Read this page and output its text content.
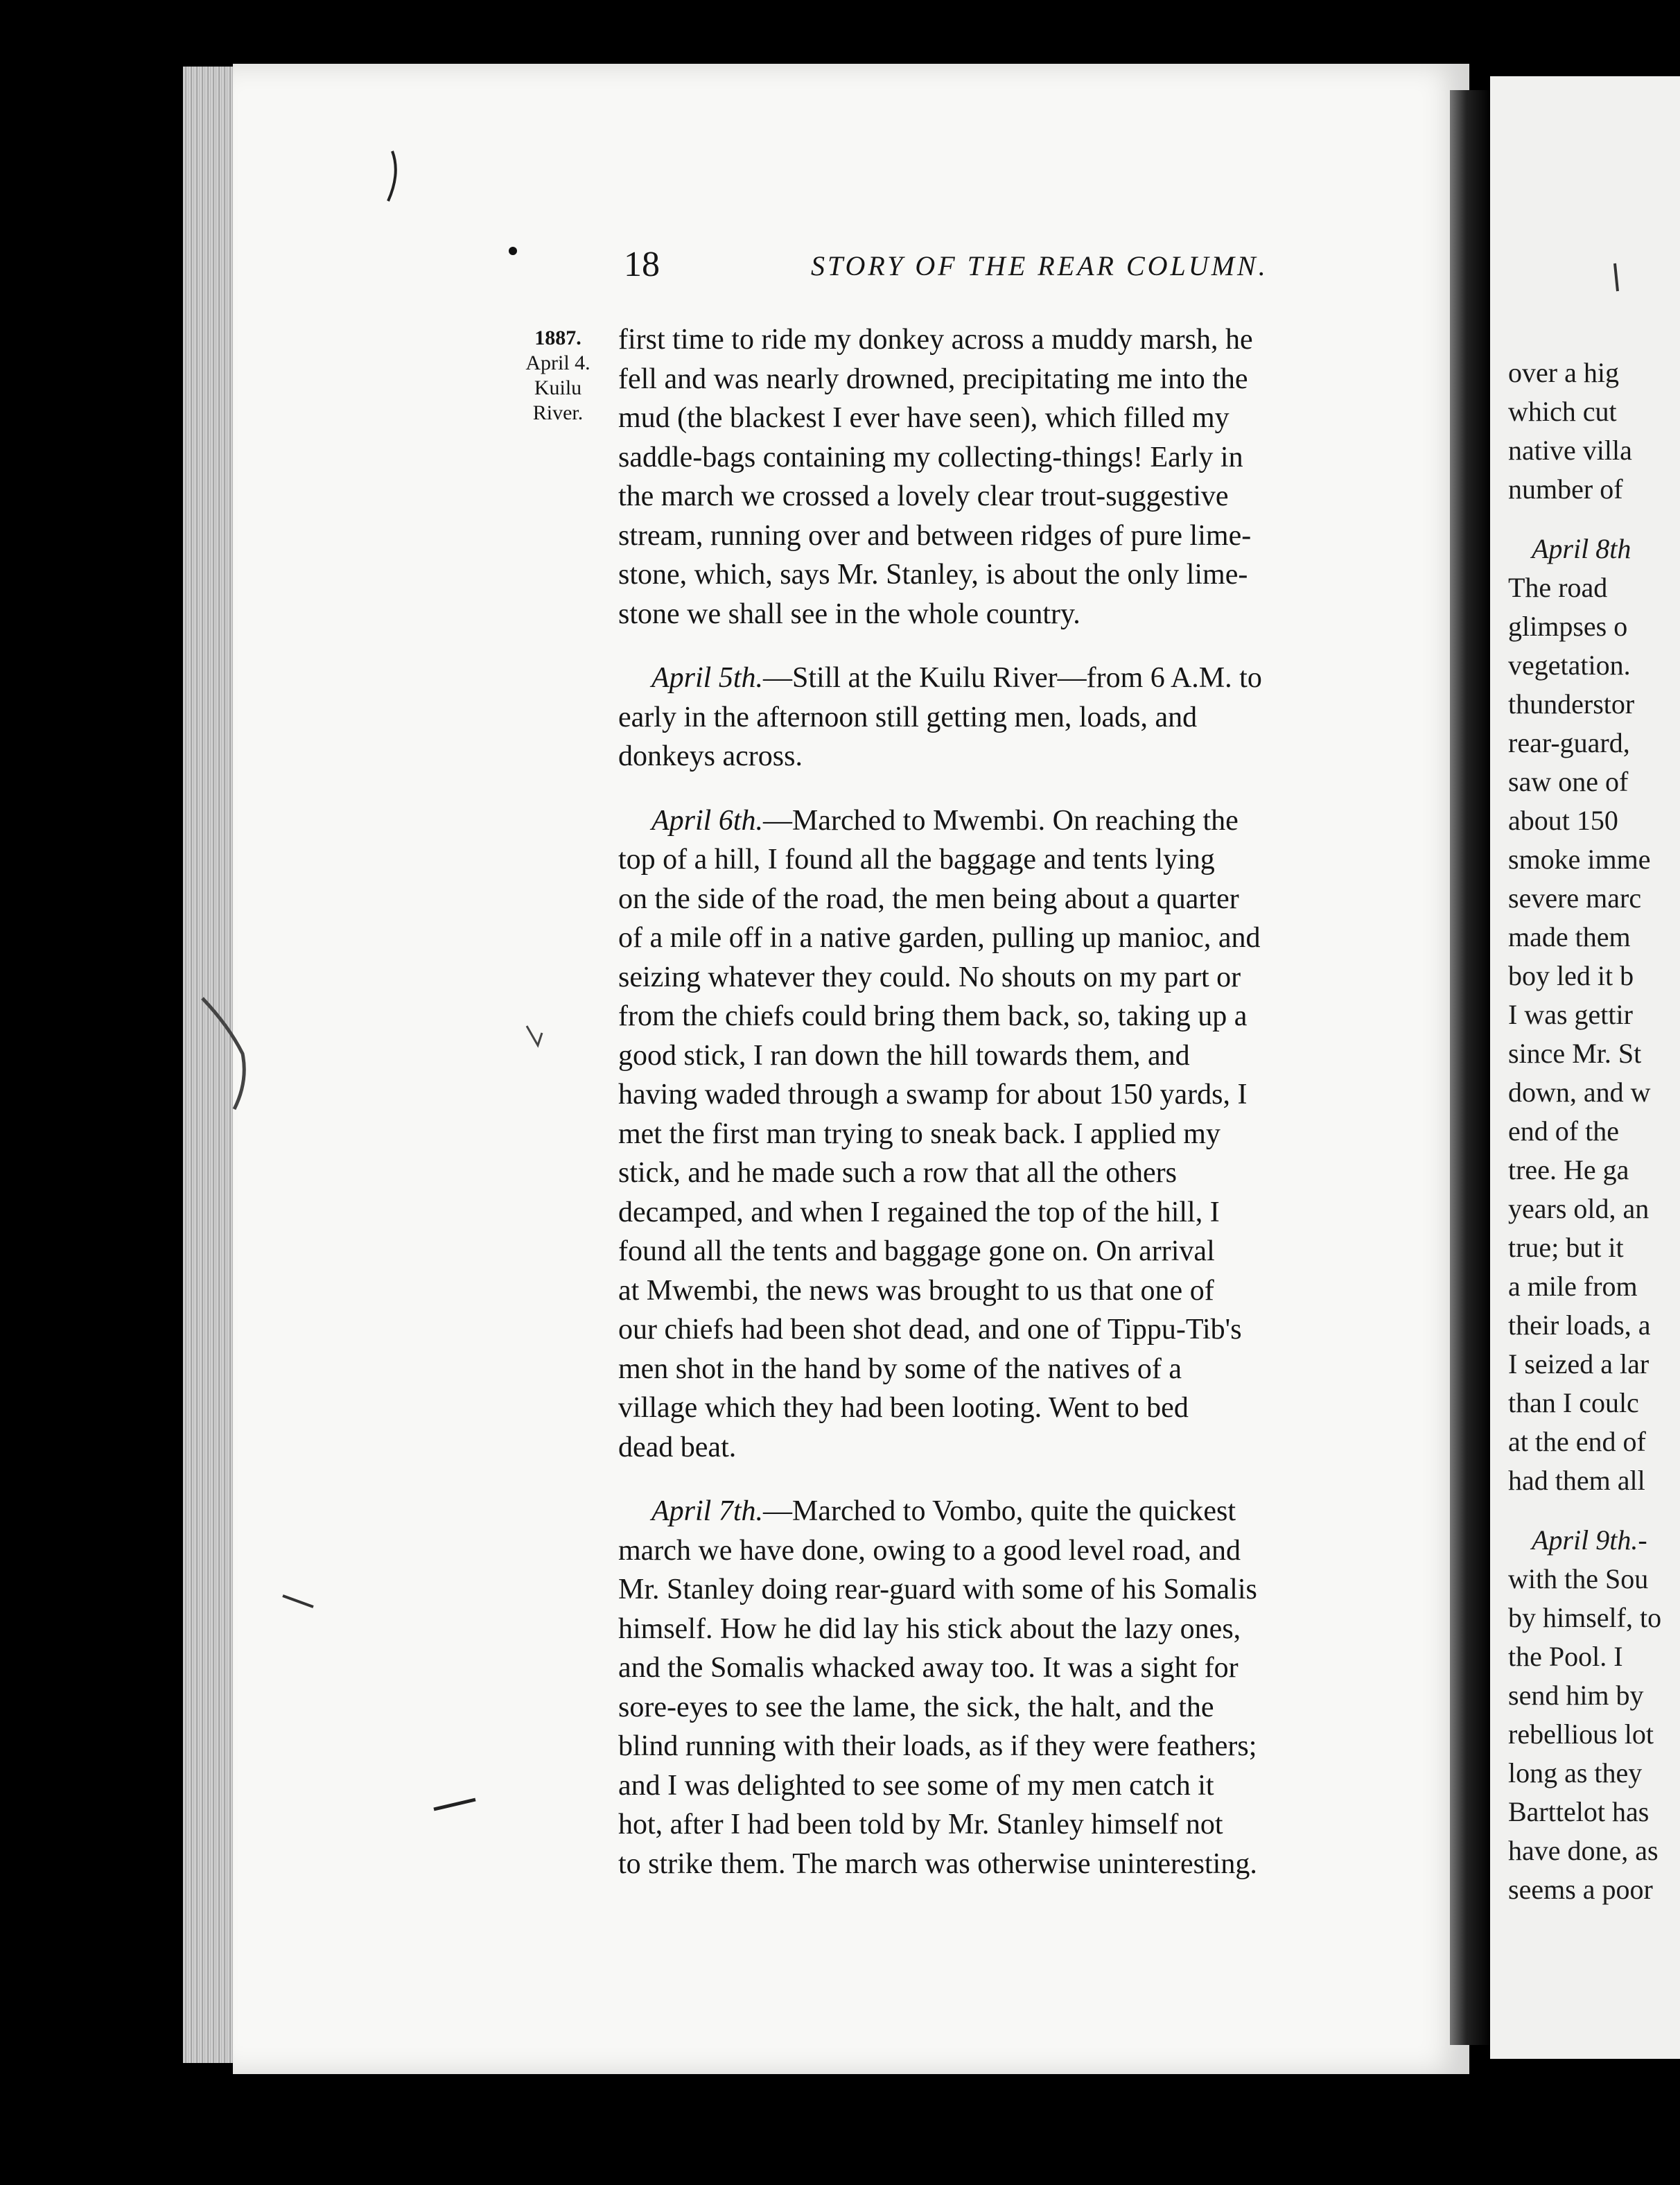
over a hig
which cut
native villa
number of
April 8th
The road
glimpses o
vegetation.
thunderstor
rear-guard,
saw one of
about 150
smoke imme
severe marc
made them
boy led it b
I was gettir
since Mr. St
down, and w
end of the
tree. He ga
years old, an
true; but it
a mile from
their loads, a
I seized a lar
than I coulc
at the end of
had them all
April 9th.-
with the Sou
by himself, to
the Pool. I
send him by
rebellious lot
long as they
Barttelot has
have done, as
seems a poor
18	STORY OF THE REAR COLUMN.
1887.
April 4.
Kuilu
River.
first time to ride my donkey across a muddy marsh, he
fell and was nearly drowned, precipitating me into the
mud (the blackest I ever have seen), which filled my
saddle-bags containing my collecting-things! Early in
the march we crossed a lovely clear trout-suggestive
stream, running over and between ridges of pure lime-
stone, which, says Mr. Stanley, is about the only lime-
stone we shall see in the whole country.
April 5th.—Still at the Kuilu River—from 6 A.M. to
early in the afternoon still getting men, loads, and
donkeys across.
April 6th.—Marched to Mwembi. On reaching the
top of a hill, I found all the baggage and tents lying
on the side of the road, the men being about a quarter
of a mile off in a native garden, pulling up manioc, and
seizing whatever they could. No shouts on my part or
from the chiefs could bring them back, so, taking up a
good stick, I ran down the hill towards them, and
having waded through a swamp for about 150 yards, I
met the first man trying to sneak back. I applied my
stick, and he made such a row that all the others
decamped, and when I regained the top of the hill, I
found all the tents and baggage gone on. On arrival
at Mwembi, the news was brought to us that one of
our chiefs had been shot dead, and one of Tippu-Tib's
men shot in the hand by some of the natives of a
village which they had been looting. Went to bed
dead beat.
April 7th.—Marched to Vombo, quite the quickest
march we have done, owing to a good level road, and
Mr. Stanley doing rear-guard with some of his Somalis
himself. How he did lay his stick about the lazy ones,
and the Somalis whacked away too. It was a sight for
sore-eyes to see the lame, the sick, the halt, and the
blind running with their loads, as if they were feathers;
and I was delighted to see some of my men catch it
hot, after I had been told by Mr. Stanley himself not
to strike them. The march was otherwise uninteresting.
